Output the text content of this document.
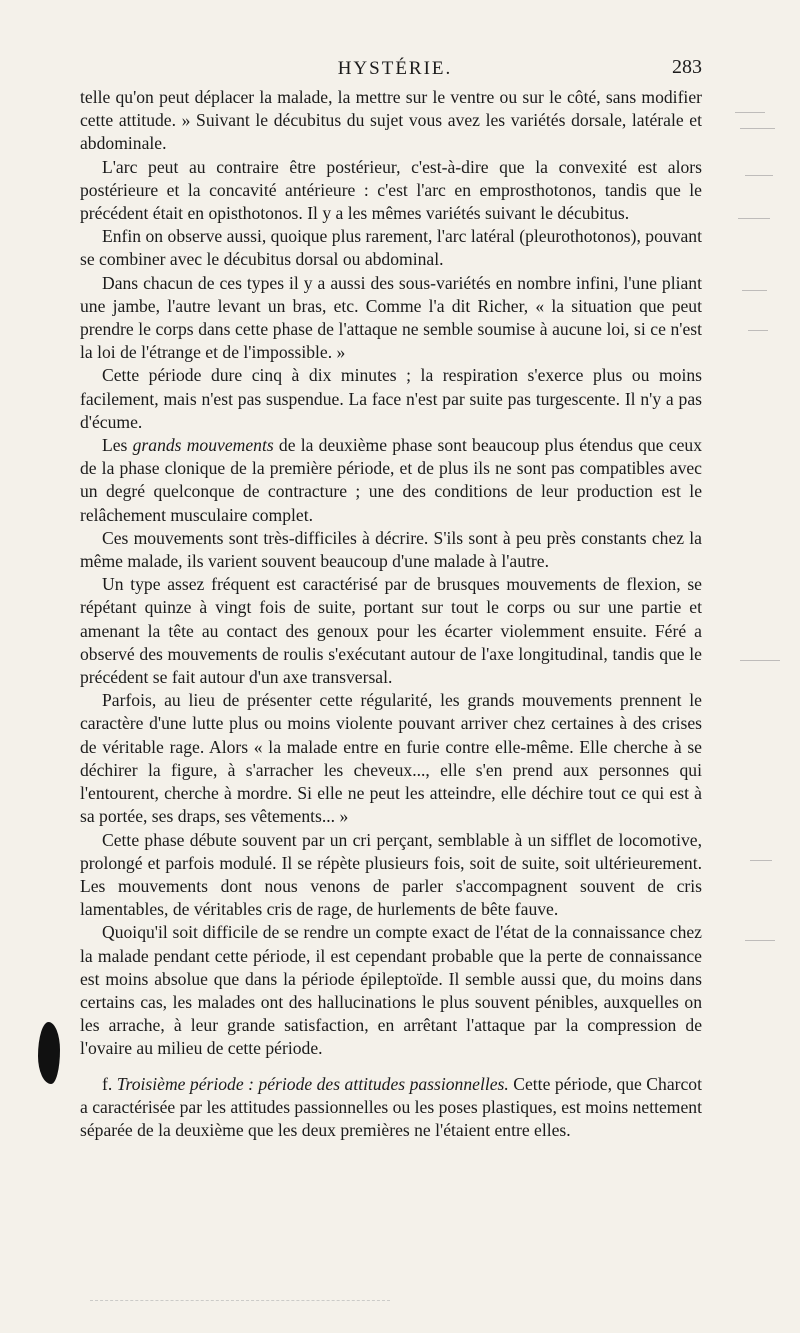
HYSTÉRIE.	283

telle qu'on peut déplacer la malade, la mettre sur le ventre ou sur le côté, sans modifier cette attitude. » Suivant le décubitus du sujet vous avez les variétés dorsale, latérale et abdominale.

L'arc peut au contraire être postérieur, c'est-à-dire que la convexité est alors postérieure et la concavité antérieure : c'est l'arc en emprosthotonos, tandis que le précédent était en opisthotonos. Il y a les mêmes variétés suivant le décubitus.

Enfin on observe aussi, quoique plus rarement, l'arc latéral (pleurothotonos), pouvant se combiner avec le décubitus dorsal ou abdominal.

Dans chacun de ces types il y a aussi des sous-variétés en nombre infini, l'une pliant une jambe, l'autre levant un bras, etc. Comme l'a dit Richer, « la situation que peut prendre le corps dans cette phase de l'attaque ne semble soumise à aucune loi, si ce n'est la loi de l'étrange et de l'impossible. »

Cette période dure cinq à dix minutes ; la respiration s'exerce plus ou moins facilement, mais n'est pas suspendue. La face n'est par suite pas turgescente. Il n'y a pas d'écume.

Les grands mouvements de la deuxième phase sont beaucoup plus étendus que ceux de la phase clonique de la première période, et de plus ils ne sont pas compatibles avec un degré quelconque de contracture ; une des conditions de leur production est le relâchement musculaire complet.

Ces mouvements sont très-difficiles à décrire. S'ils sont à peu près constants chez la même malade, ils varient souvent beaucoup d'une malade à l'autre.

Un type assez fréquent est caractérisé par de brusques mouvements de flexion, se répétant quinze à vingt fois de suite, portant sur tout le corps ou sur une partie et amenant la tête au contact des genoux pour les écarter violemment ensuite. Féré a observé des mouvements de roulis s'exécutant autour de l'axe longitudinal, tandis que le précédent se fait autour d'un axe transversal.

Parfois, au lieu de présenter cette régularité, les grands mouvements prennent le caractère d'une lutte plus ou moins violente pouvant arriver chez certaines à des crises de véritable rage. Alors « la malade entre en furie contre elle-même. Elle cherche à se déchirer la figure, à s'arracher les cheveux..., elle s'en prend aux personnes qui l'entourent, cherche à mordre. Si elle ne peut les atteindre, elle déchire tout ce qui est à sa portée, ses draps, ses vêtements... »

Cette phase débute souvent par un cri perçant, semblable à un sifflet de locomotive, prolongé et parfois modulé. Il se répète plusieurs fois, soit de suite, soit ultérieurement. Les mouvements dont nous venons de parler s'accompagnent souvent de cris lamentables, de véritables cris de rage, de hurlements de bête fauve.

Quoiqu'il soit difficile de se rendre un compte exact de l'état de la connaissance chez la malade pendant cette période, il est cependant probable que la perte de connaissance est moins absolue que dans la période épileptoïde. Il semble aussi que, du moins dans certains cas, les malades ont des hallucinations le plus souvent pénibles, auxquelles on les arrache, à leur grande satisfaction, en arrêtant l'attaque par la compression de l'ovaire au milieu de cette période.

f. Troisième période : période des attitudes passionnelles. Cette période, que Charcot a caractérisée par les attitudes passionnelles ou les poses plastiques, est moins nettement séparée de la deuxième que les deux premières ne l'étaient entre elles.
